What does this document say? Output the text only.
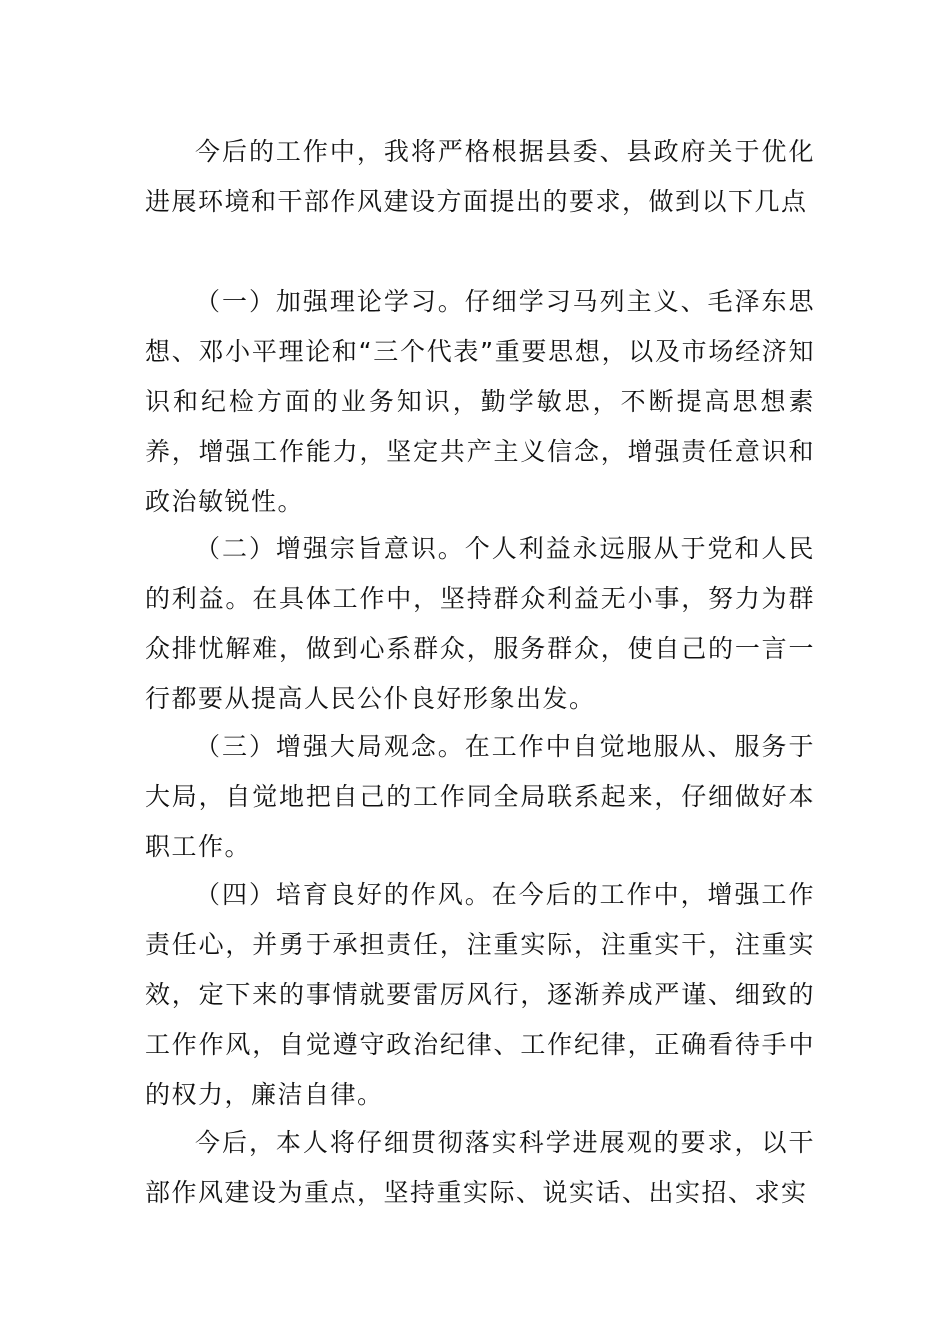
今后的工作中，我将严格根据县委、县政府关于优化进展环境和干部作风建设方面提出的要求，做到以下几点

（一）加强理论学习。仔细学习马列主义、毛泽东思想、邓小平理论和“三个代表”重要思想，以及市场经济知识和纪检方面的业务知识，勤学敏思，不断提高思想素养，增强工作能力，坚定共产主义信念，增强责任意识和政治敏锐性。

（二）增强宗旨意识。个人利益永远服从于党和人民的利益。在具体工作中，坚持群众利益无小事，努力为群众排忧解难，做到心系群众，服务群众，使自己的一言一行都要从提高人民公仆良好形象出发。

（三）增强大局观念。在工作中自觉地服从、服务于大局，自觉地把自己的工作同全局联系起来，仔细做好本职工作。

（四）培育良好的作风。在今后的工作中，增强工作责任心，并勇于承担责任，注重实际，注重实干，注重实效，定下来的事情就要雷厉风行，逐渐养成严谨、细致的工作作风，自觉遵守政治纪律、工作纪律，正确看待手中的权力，廉洁自律。

今后，本人将仔细贯彻落实科学进展观的要求，以干部作风建设为重点，坚持重实际、说实话、出实招、求实
